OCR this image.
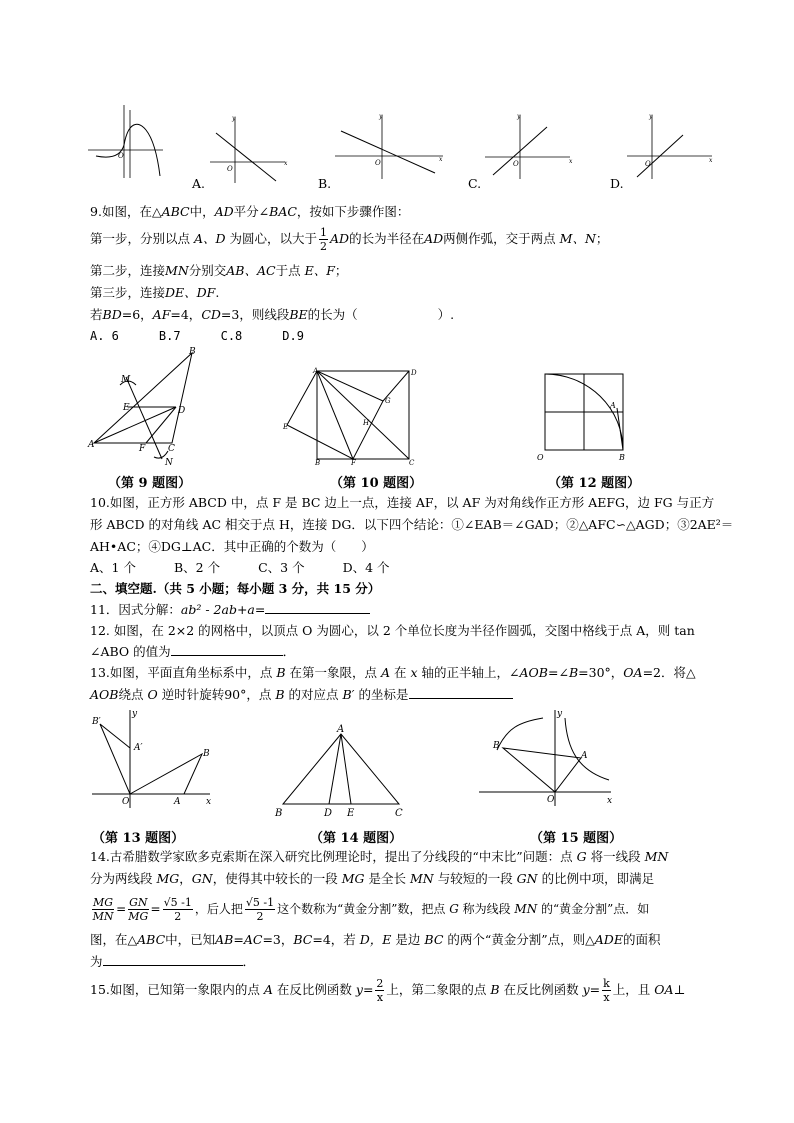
O
O
y
x
A.
O
y
x
B.
O
y
x
C.
O
y
x
D.
9.如图，在△ABC中，AD平分∠BAC，按如下步骤作图：
第一步，分别以点 A、D 为圆心，以大于 $\frac{1}{2}$ AD的长为半径在AD两侧作弧，交于两点 M、N；
第二步，连接MN分别交AB、AC于点 E、F；
第三步，连接DE、DF.
若BD=6，AF=4，CD=3，则线段BE的长为（	）.
A. 6	B.7	C.8	D.9
B
M
E	D
A	F	C
N
（第 9 题图）
A	D
E
G
H
B	F	C
（第 10 题图）
O
A
B
（第 12 题图）
10.如图，正方形 ABCD 中，点 F 是 BC 边上一点，连接 AF，以 AF 为对角线作正方形 AEFG，边 FG 与正方
形 ABCD 的对角线 AC 相交于点 H，连接 DG．以下四个结论：①∠EAB＝∠GAD；②△AFC∽△AGD；③2AE²＝
AH•AC；④DG⊥AC．其中正确的个数为（　　）
A、1 个	B、2 个	C、3 个	D、4 个
二、填空题.（共 5 小题；每小题 3 分，共 15 分）
11．因式分解：ab² - 2ab+a=
12. 如图，在 2×2 的网格中，以顶点 O 为圆心，以 2 个单位长度为半径作圆弧，交图中格线于点 A，则 tan
∠ABO 的值为	．
13.如图，平面直角坐标系中，点 B 在第一象限，点 A 在 x 轴的正半轴上，∠AOB=∠B=30°，OA=2．将△
AOB绕点 O 逆时针旋转90°，点 B 的对应点 B′ 的坐标是
y
x
O	A
B
B′
A′
（第 13 题图）
A
B	D E	C
（第 14 题图）
y
x
O
B
A
（第 15 题图）
14.古希腊数学家欧多克索斯在深入研究比例理论时，提出了分线段的“中末比”问题：点 G 将一线段 MN
分为两线段 MG，GN，使得其中较长的一段 MG 是全长 MN 与较短的一段 GN 的比例中项，即满足
$\frac{MG}{MN} = \frac{GN}{MG} = \frac{√5 -1}{2}$ ，后人把 $\frac{√5 -1}{2}$ 这个数称为“黄金分割”数，把点 G 称为线段 MN 的“黄金分割”点．如
图，在△ABC中，已知AB=AC=3，BC=4，若 D，E 是边 BC 的两个“黄金分割”点，则△ADE的面积
为	．
15.如图，已知第一象限内的点 A 在反比例函数 $y= \frac{2}{x}$ 上，第二象限的点 B 在反比例函数 $y= \frac{k}{x}$ 上，且 OA⊥
